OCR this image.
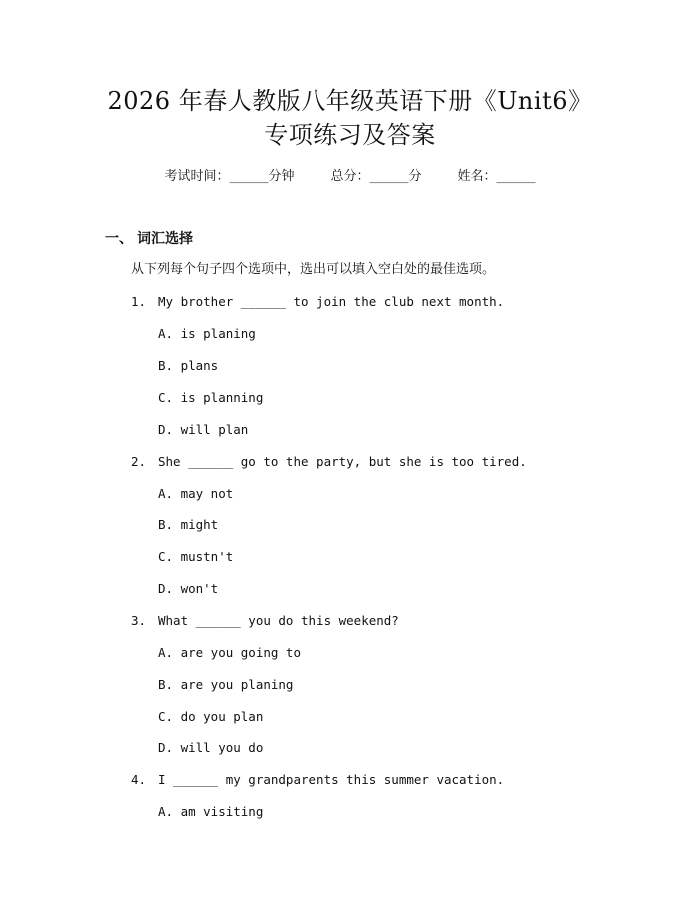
2026 年春人教版八年级英语下册《Unit6》
专项练习及答案
考试时间：______分钟	总分：______分	姓名：______
一、 词汇选择
从下列每个句子四个选项中，选出可以填入空白处的最佳选项。
1. My brother ______ to join the club next month.
A. is planing
B. plans
C. is planning
D. will plan
2. She ______ go to the party, but she is too tired.
A. may not
B. might
C. mustn't
D. won't
3. What ______ you do this weekend?
A. are you going to
B. are you planing
C. do you plan
D. will you do
4. I ______ my grandparents this summer vacation.
A. am visiting
